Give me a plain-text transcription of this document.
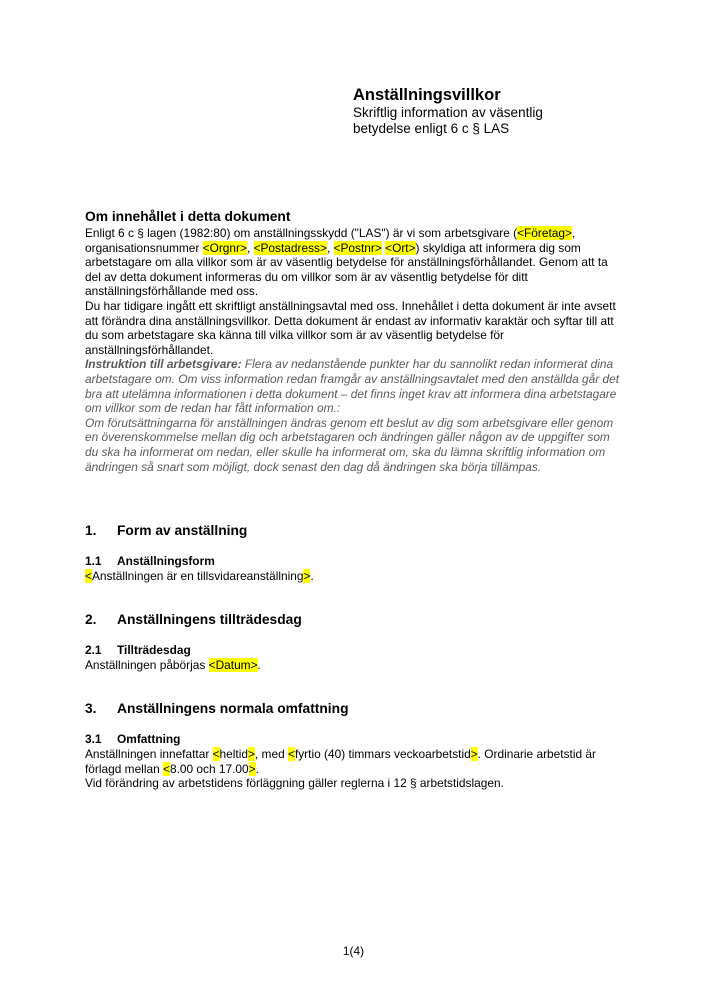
Anställningsvillkor
Skriftlig information av väsentlig
betydelse enligt 6 c § LAS
Om innehållet i detta dokument

Enligt 6 c § lagen (1982:80) om anställningsskydd ("LAS") är vi som arbetsgivare (<Företag>, organisationsnummer <Orgnr>, <Postadress>, <Postnr> <Ort>) skyldiga att informera dig som arbetstagare om alla villkor som är av väsentlig betydelse för anställningsförhållandet. Genom att ta del av detta dokument informeras du om villkor som är av väsentlig betydelse för ditt anställningsförhållande med oss.

Du har tidigare ingått ett skriftligt anställningsavtal med oss. Innehållet i detta dokument är inte avsett att förändra dina anställningsvillkor. Detta dokument är endast av informativ karaktär och syftar till att du som arbetstagare ska känna till vilka villkor som är av väsentlig betydelse för anställningsförhållandet.

Instruktion till arbetsgivare: Flera av nedanstående punkter har du sannolikt redan informerat dina arbetstagare om. Om viss information redan framgår av anställningsavtalet med den anställda går det bra att utelämna informationen i detta dokument – det finns inget krav att informera dina arbetstagare om villkor som de redan har fått information om.:

Om förutsättningarna för anställningen ändras genom ett beslut av dig som arbetsgivare eller genom en överenskommelse mellan dig och arbetstagaren och ändringen gäller någon av de uppgifter som du ska ha informerat om nedan, eller skulle ha informerat om, ska du lämna skriftlig information om ändringen så snart som möjligt, dock senast den dag då ändringen ska börja tillämpas.

1.	Form av anställning
1.1	Anställningsform

<Anställningen är en tillsvidareanställning>.

2.	Anställningens tillträdesdag
2.1	Tillträdesdag

Anställningen påbörjas <Datum>.

3.	Anställningens normala omfattning
3.1	Omfattning

Anställningen innefattar <heltid>, med <fyrtio (40) timmars veckoarbetstid>. Ordinarie arbetstid är förlagd mellan <8.00 och 17.00>.

Vid förändring av arbetstidens förläggning gäller reglerna i 12 § arbetstidslagen.

1(4)
